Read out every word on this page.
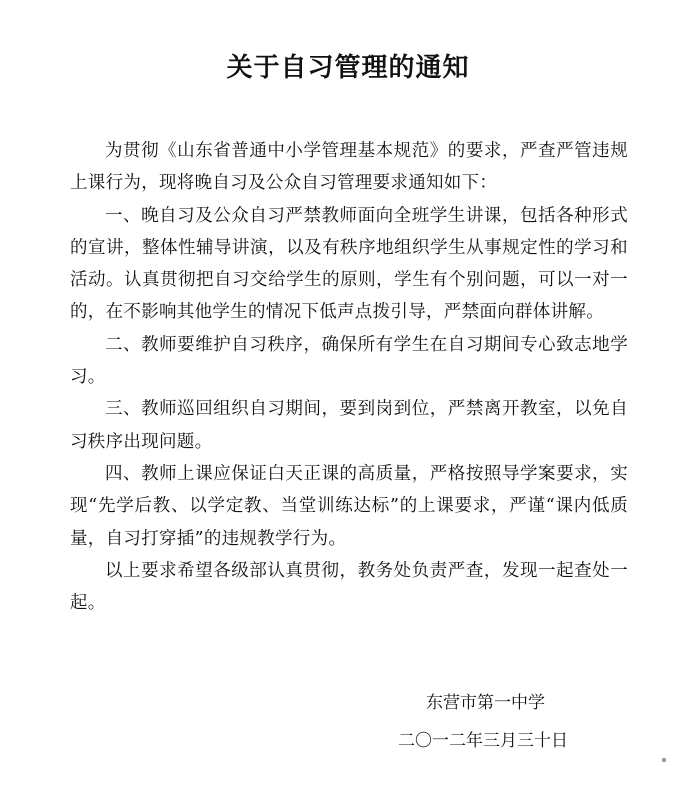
关于自习管理的通知

为贯彻《山东省普通中小学管理基本规范》的要求，严查严管违规上课行为，现将晚自习及公众自习管理要求通知如下：

一、晚自习及公众自习严禁教师面向全班学生讲课，包括各种形式的宣讲，整体性辅导讲演，以及有秩序地组织学生从事规定性的学习和活动。认真贯彻把自习交给学生的原则，学生有个别问题，可以一对一的，在不影响其他学生的情况下低声点拨引导，严禁面向群体讲解。

二、教师要维护自习秩序，确保所有学生在自习期间专心致志地学习。

三、教师巡回组织自习期间，要到岗到位，严禁离开教室，以免自习秩序出现问题。

四、教师上课应保证白天正课的高质量，严格按照导学案要求，实现“先学后教、以学定教、当堂训练达标”的上课要求，严谨“课内低质量，自习打穿插”的违规教学行为。

以上要求希望各级部认真贯彻，教务处负责严查，发现一起查处一起。

东营市第一中学
二〇一二年三月三十日
